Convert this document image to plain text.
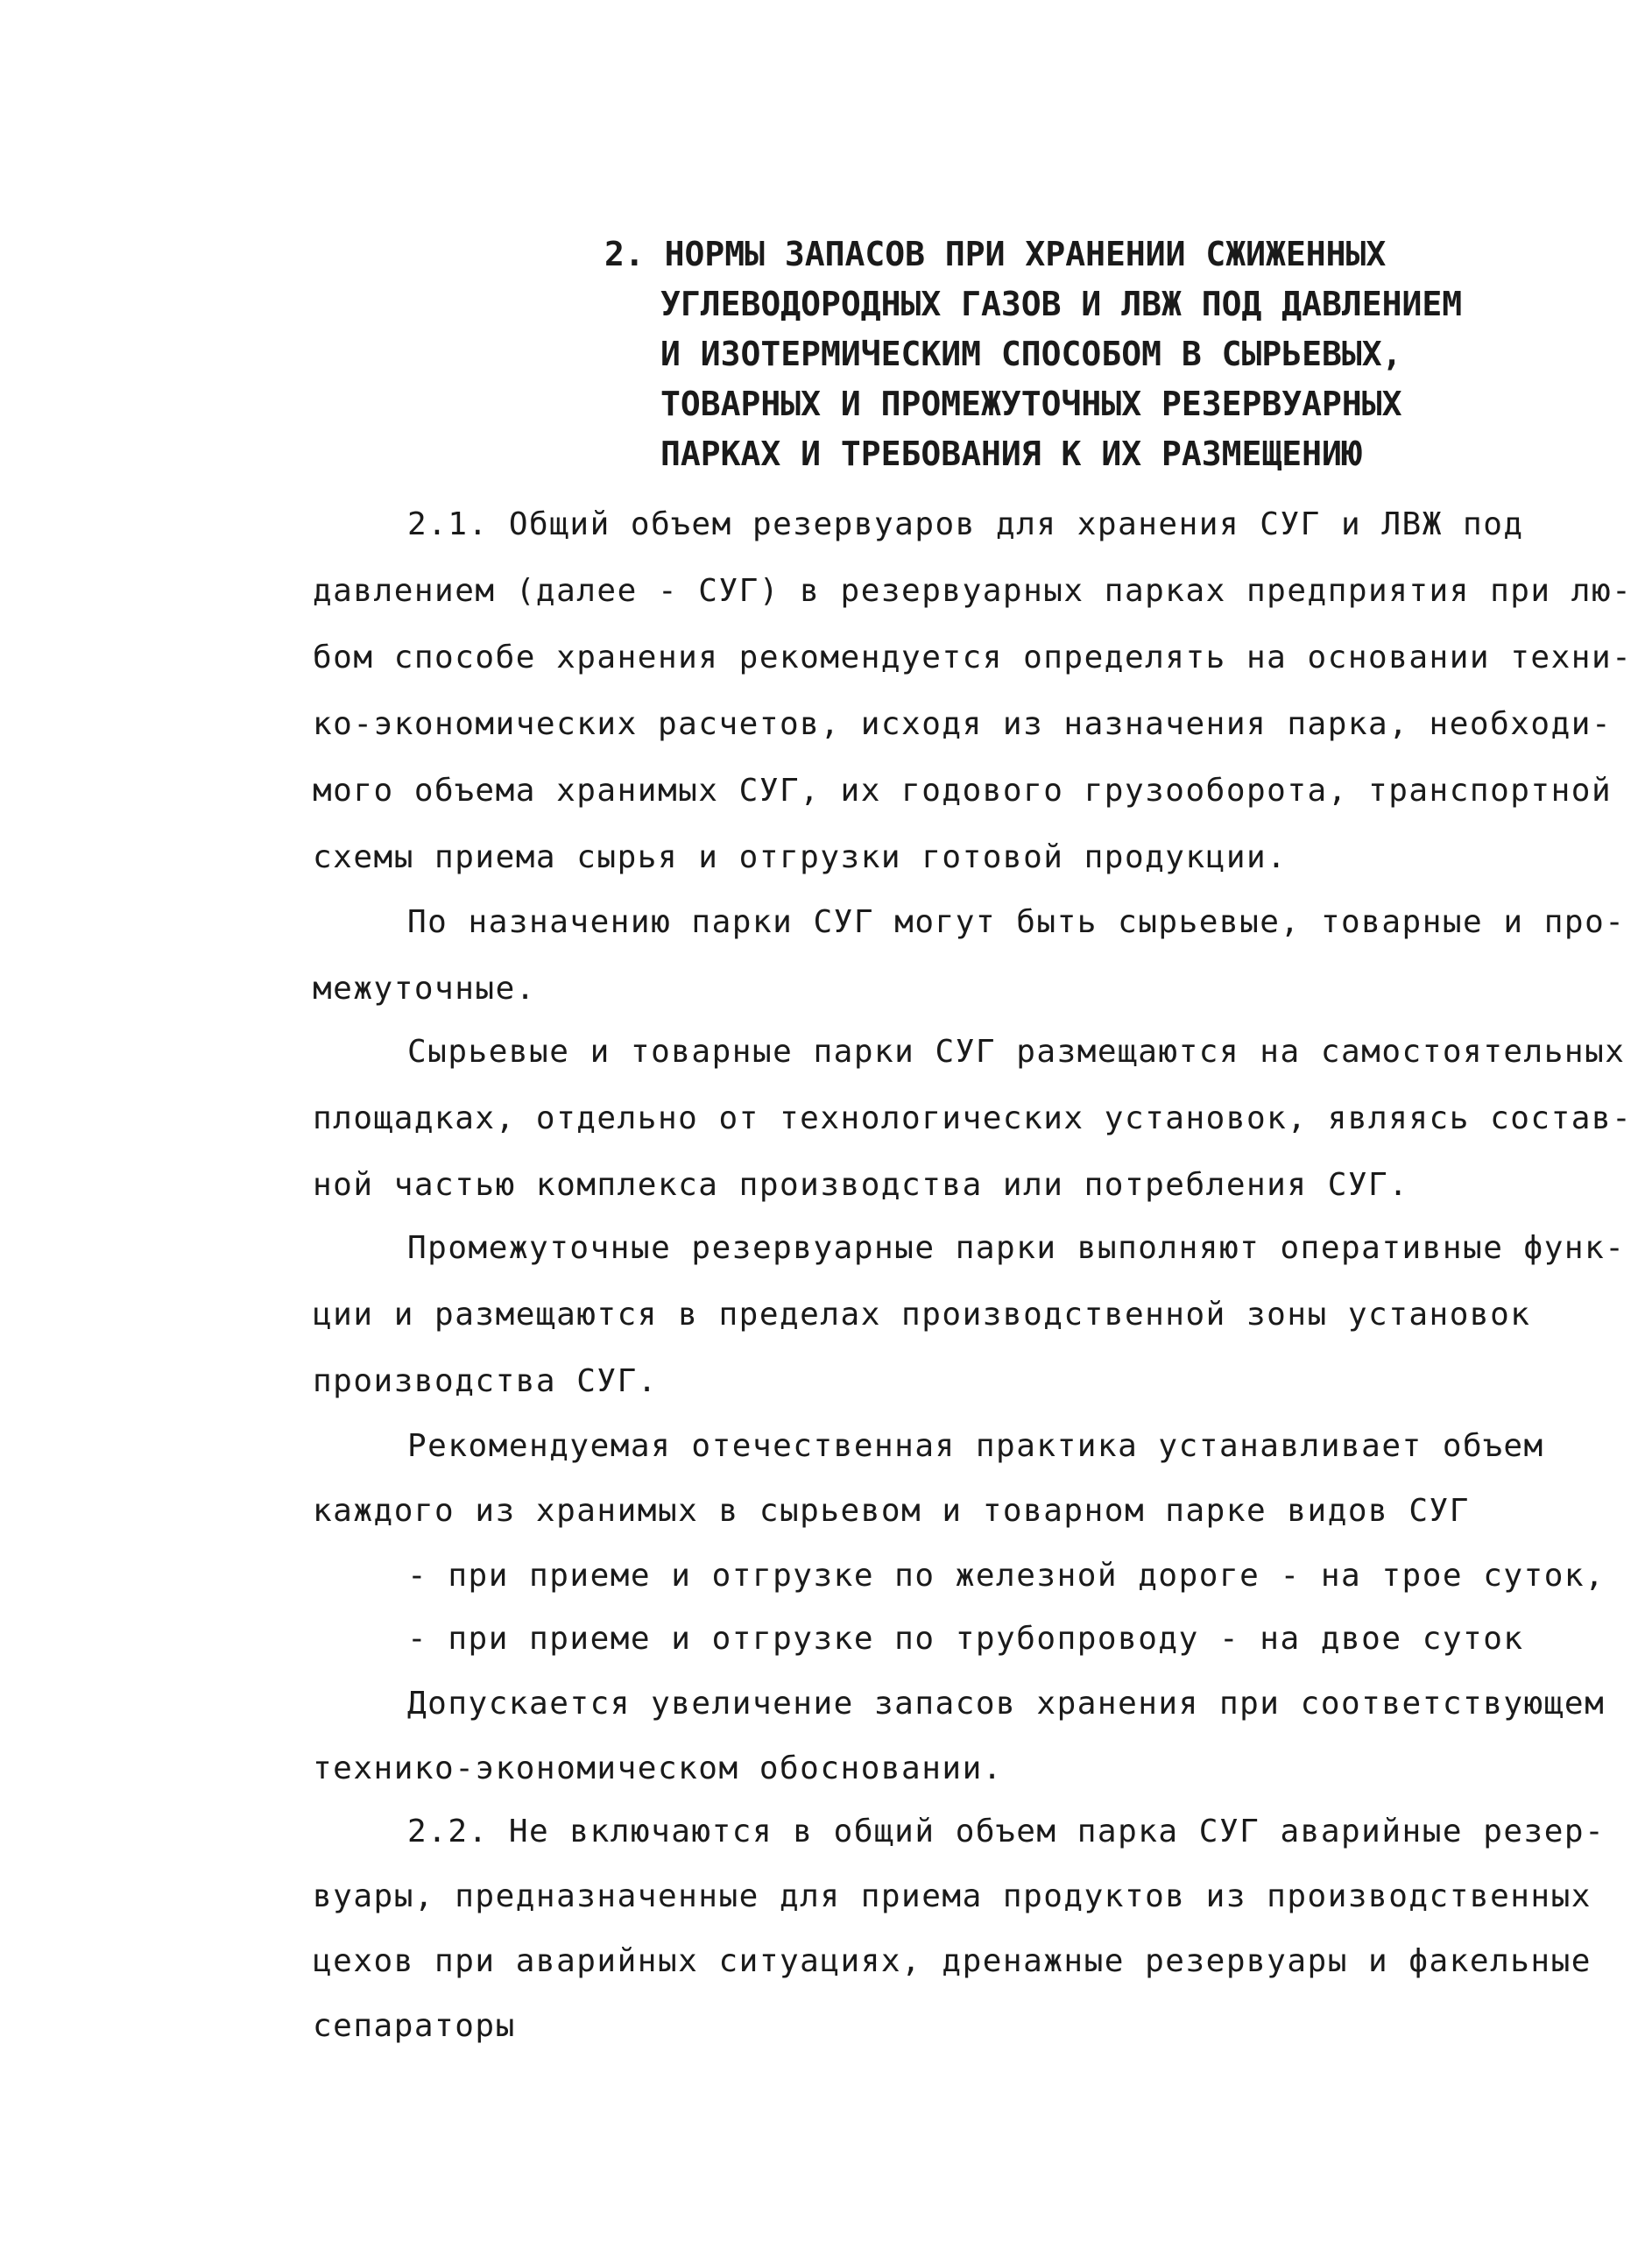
2. НОРМЫ ЗАПАСОВ ПРИ ХРАНЕНИИ СЖИЖЕННЫХ
УГЛЕВОДОРОДНЫХ ГАЗОВ И ЛВЖ ПОД ДАВЛЕНИЕМ
И ИЗОТЕРМИЧЕСКИМ СПОСОБОМ В СЫРЬЕВЫХ,
ТОВАРНЫХ И ПРОМЕЖУТОЧНЫХ РЕЗЕРВУАРНЫХ
ПАРКАХ И ТРЕБОВАНИЯ К ИХ РАЗМЕЩЕНИЮ
2.1. Общий объем резервуаров для хранения СУГ и ЛВЖ под
давлением (далее - СУГ) в резервуарных парках предприятия при лю-
бом способе хранения рекомендуется определять на основании техни-
ко-экономических расчетов, исходя из назначения парка, необходи-
мого объема хранимых СУГ, их годового грузооборота, транспортной
схемы приема сырья и отгрузки готовой продукции.
По назначению парки СУГ могут быть сырьевые, товарные и про-
межуточные.
Сырьевые и товарные парки СУГ размещаются на самостоятельных
площадках, отдельно от технологических установок, являясь состав-
ной частью комплекса производства или потребления СУГ.
Промежуточные резервуарные парки выполняют оперативные функ-
ции и размещаются в пределах производственной зоны установок
производства СУГ.
Рекомендуемая отечественная практика устанавливает объем
каждого из хранимых в сырьевом и товарном парке видов СУГ
- при приеме и отгрузке по железной дороге - на трое суток,
- при приеме и отгрузке по трубопроводу - на двое суток
Допускается увеличение запасов хранения при соответствующем
технико-экономическом обосновании.
2.2. Не включаются в общий объем парка СУГ аварийные резер-
вуары, предназначенные для приема продуктов из производственных
цехов при аварийных ситуациях, дренажные резервуары и факельные
сепараторы
